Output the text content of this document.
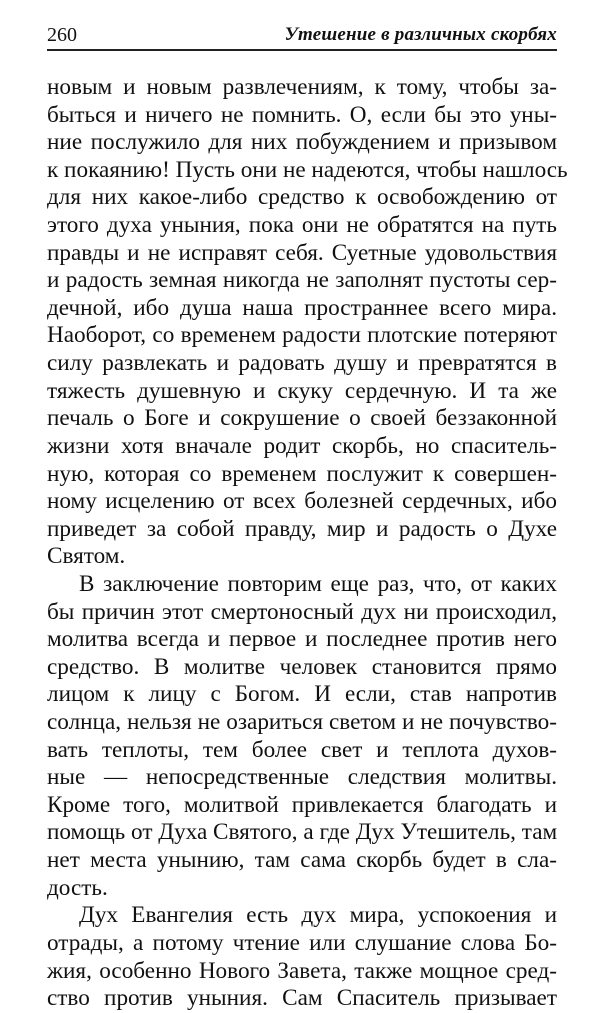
260	Утешение в различных скорбях
новым и новым развлечениям, к тому, чтобы за-
быться и ничего не помнить. О, если бы это уны-
ние послужило для них побуждением и призывом
к покаянию! Пусть они не надеются, чтобы нашлось
для них какое-либо средство к освобождению от
этого духа уныния, пока они не обратятся на путь
правды и не исправят себя. Суетные удовольствия
и радость земная никогда не заполнят пустоты сер-
дечной, ибо душа наша пространнее всего мира.
Наоборот, со временем радости плотские потеряют
силу развлекать и радовать душу и превратятся в
тяжесть душевную и скуку сердечную. И та же
печаль о Боге и сокрушение о своей беззаконной
жизни хотя вначале родит скорбь, но спаситель-
ную, которая со временем послужит к совершен-
ному исцелению от всех болезней сердечных, ибо
приведет за собой правду, мир и радость о Духе
Святом.
В заключение повторим еще раз, что, от каких
бы причин этот смертоносный дух ни происходил,
молитва всегда и первое и последнее против него
средство. В молитве человек становится прямо
лицом к лицу с Богом. И если, став напротив
солнца, нельзя не озариться светом и не почувство-
вать теплоты, тем более свет и теплота духов-
ные — непосредственные следствия молитвы.
Кроме того, молитвой привлекается благодать и
помощь от Духа Святого, а где Дух Утешитель, там
нет места унынию, там сама скорбь будет в сла-
дость.
Дух Евангелия есть дух мира, успокоения и
отрады, а потому чтение или слушание слова Бо-
жия, особенно Нового Завета, также мощное сред-
ство против уныния. Сам Спаситель призывает
